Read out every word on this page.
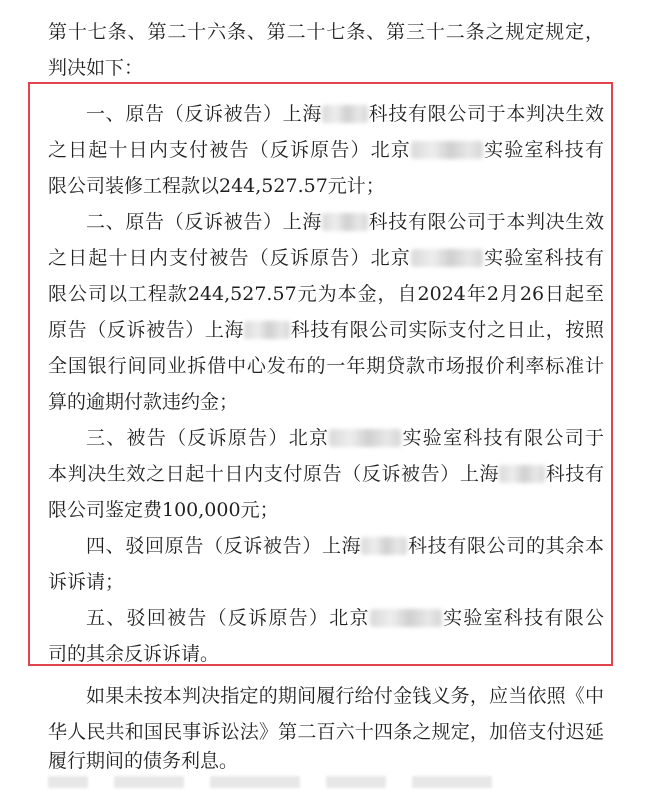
第十七条、第二十六条、第二十七条、第三十二条之规定规定，
判决如下：
一、原告（反诉被告）上海 科技有限公司于本判决生效
之日起十日内支付被告（反诉原告）北京	实验室科技有
限公司装修工程款以244,527.57元计；
二、原告（反诉被告）上海 科技有限公司于本判决生效
之日起十日内支付被告（反诉原告）北京	实验室科技有
限公司以工程款244,527.57元为本金，自2024年2月26日起至
原告（反诉被告）上海 科技有限公司实际支付之日止，按照
全国银行间同业拆借中心发布的一年期贷款市场报价利率标准计
算的逾期付款违约金；
三、被告（反诉原告）北京	实验室科技有限公司于
本判决生效之日起十日内支付原告（反诉被告）上海 科技有
限公司鉴定费100,000元；
四、驳回原告（反诉被告）上海 科技有限公司的其余本
诉诉请；
五、驳回被告（反诉原告）北京	实验室科技有限公
司的其余反诉诉请。
如果未按本判决指定的期间履行给付金钱义务，应当依照《中
华人民共和国民事诉讼法》第二百六十四条之规定，加倍支付迟延
履行期间的债务利息。
